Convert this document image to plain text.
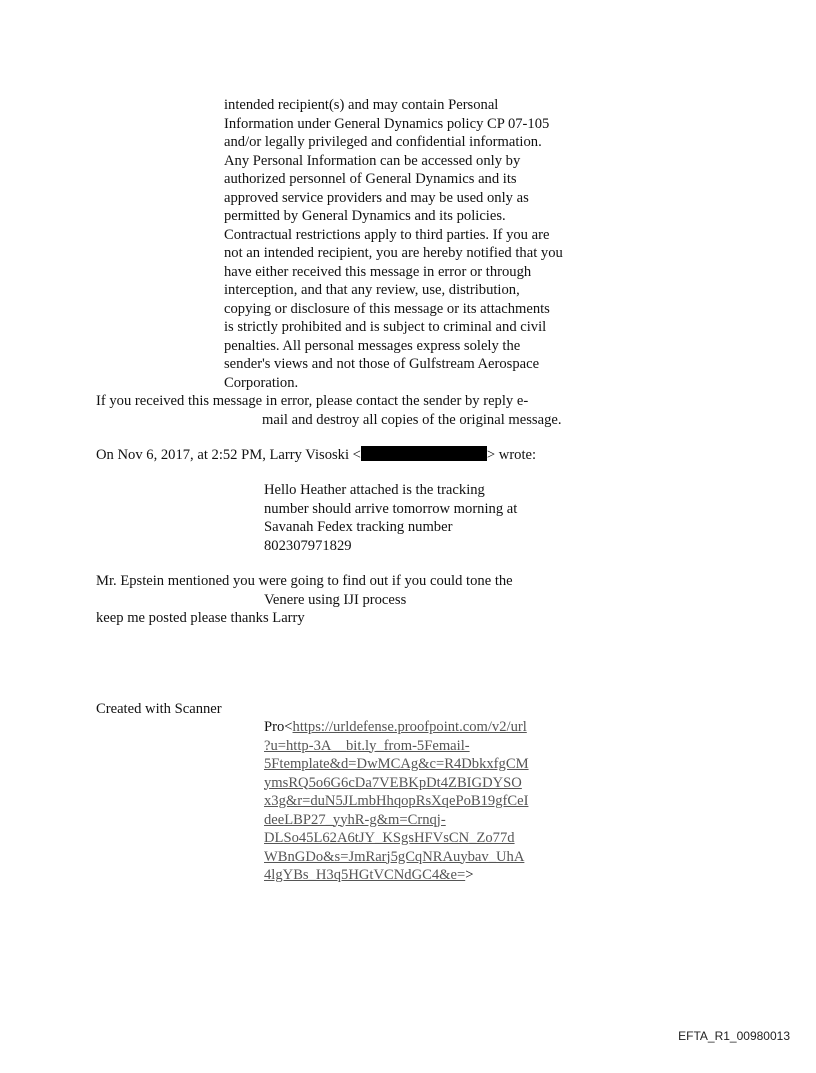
intended recipient(s) and may contain Personal
Information under General Dynamics policy CP 07-105
and/or legally privileged and confidential information.
Any Personal Information can be accessed only by
authorized personnel of General Dynamics and its
approved service providers and may be used only as
permitted by General Dynamics and its policies.
Contractual restrictions apply to third parties. If you are
not an intended recipient, you are hereby notified that you
have either received this message in error or through
interception, and that any review, use, distribution,
copying or disclosure of this message or its attachments
is strictly prohibited and is subject to criminal and civil
penalties. All personal messages express solely the
sender's views and not those of Gulfstream Aerospace
Corporation.
If you received this message in error, please contact the sender by reply e-
mail and destroy all copies of the original message.
On Nov 6, 2017, at 2:52 PM, Larry Visoski <	> wrote:
Hello Heather attached is the tracking
number should arrive tomorrow morning at
Savanah Fedex tracking number
802307971829
Mr. Epstein mentioned you were going to find out if you could tone the
Venere using IJI process
keep me posted please thanks Larry
Created with Scanner
Pro<https://urldefense.proofpoint.com/v2/url
?u=http-3A__bit.ly_from-5Femail-
5Ftemplate&d=DwMCAg&c=R4DbkxfgCM
ymsRQ5o6G6cDa7VEBKpDt4ZBIGDYSO
x3g&r=duN5JLmbHhqopRsXqePoB19gfCeI
deeLBP27_yyhR-g&m=Crnqj-
DLSo45L62A6tJY_KSgsHFVsCN_Zo77d
WBnGDo&s=JmRarj5gCqNRAuybav_UhA
4lgYBs_H3q5HGtVCNdGC4&e=>
EFTA_R1_00980013
